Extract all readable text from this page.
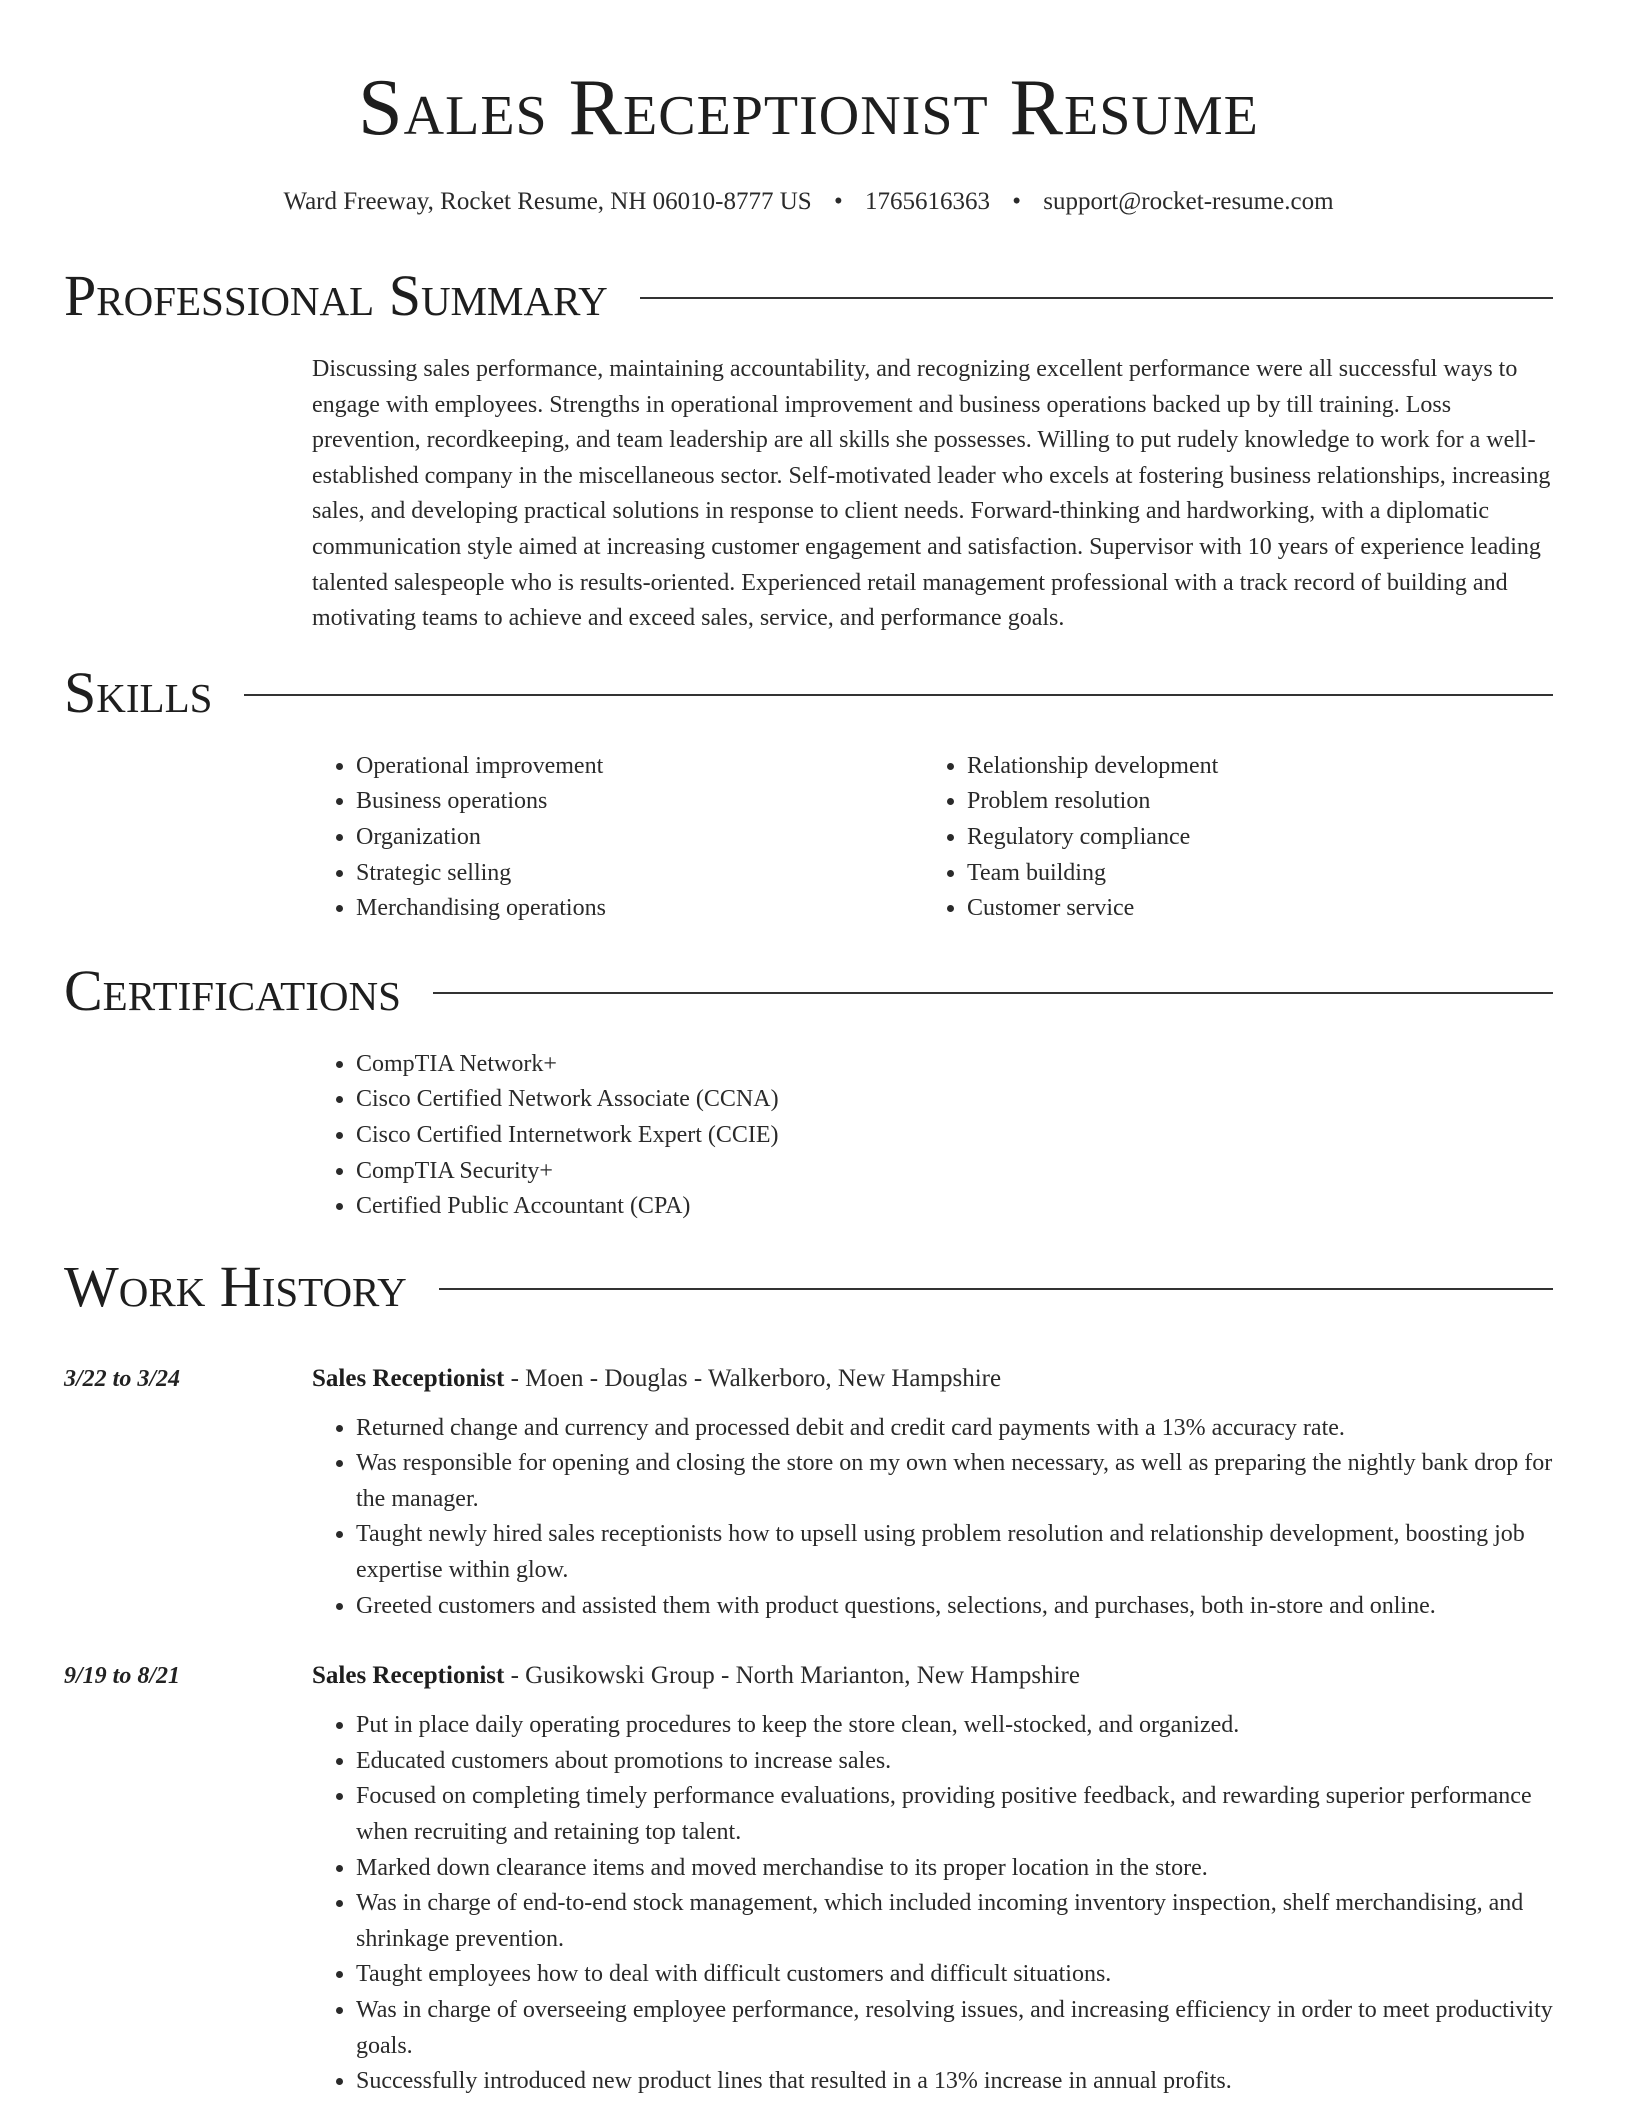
Sales Receptionist Resume
Ward Freeway, Rocket Resume, NH 06010-8777 US • 1765616363 • support@rocket-resume.com
Professional Summary

Discussing sales performance, maintaining accountability, and recognizing excellent performance were all successful ways to engage with employees. Strengths in operational improvement and business operations backed up by till training. Loss prevention, recordkeeping, and team leadership are all skills she possesses. Willing to put rudely knowledge to work for a well-established company in the miscellaneous sector. Self-motivated leader who excels at fostering business relationships, increasing sales, and developing practical solutions in response to client needs. Forward-thinking and hardworking, with a diplomatic communication style aimed at increasing customer engagement and satisfaction. Supervisor with 10 years of experience leading talented salespeople who is results-oriented. Experienced retail management professional with a track record of building and motivating teams to achieve and exceed sales, service, and performance goals.

Skills
• Operational improvement
• Business operations
• Organization
• Strategic selling
• Merchandising operations
• Relationship development
• Problem resolution
• Regulatory compliance
• Team building
• Customer service
Certifications
• CompTIA Network+
• Cisco Certified Network Associate (CCNA)
• Cisco Certified Internetwork Expert (CCIE)
• CompTIA Security+
• Certified Public Accountant (CPA)
Work History
3/22 to 3/24	Sales Receptionist - Moen - Douglas - Walkerboro, New Hampshire
• Returned change and currency and processed debit and credit card payments with a 13% accuracy rate.
• Was responsible for opening and closing the store on my own when necessary, as well as preparing the nightly bank drop for the manager.
• Taught newly hired sales receptionists how to upsell using problem resolution and relationship development, boosting job expertise within glow.
• Greeted customers and assisted them with product questions, selections, and purchases, both in-store and online.
9/19 to 8/21	Sales Receptionist - Gusikowski Group - North Marianton, New Hampshire
• Put in place daily operating procedures to keep the store clean, well-stocked, and organized.
• Educated customers about promotions to increase sales.
• Focused on completing timely performance evaluations, providing positive feedback, and rewarding superior performance when recruiting and retaining top talent.
• Marked down clearance items and moved merchandise to its proper location in the store.
• Was in charge of end-to-end stock management, which included incoming inventory inspection, shelf merchandising, and shrinkage prevention.
• Taught employees how to deal with difficult customers and difficult situations.
• Was in charge of overseeing employee performance, resolving issues, and increasing efficiency in order to meet productivity goals.
• Successfully introduced new product lines that resulted in a 13% increase in annual profits.
